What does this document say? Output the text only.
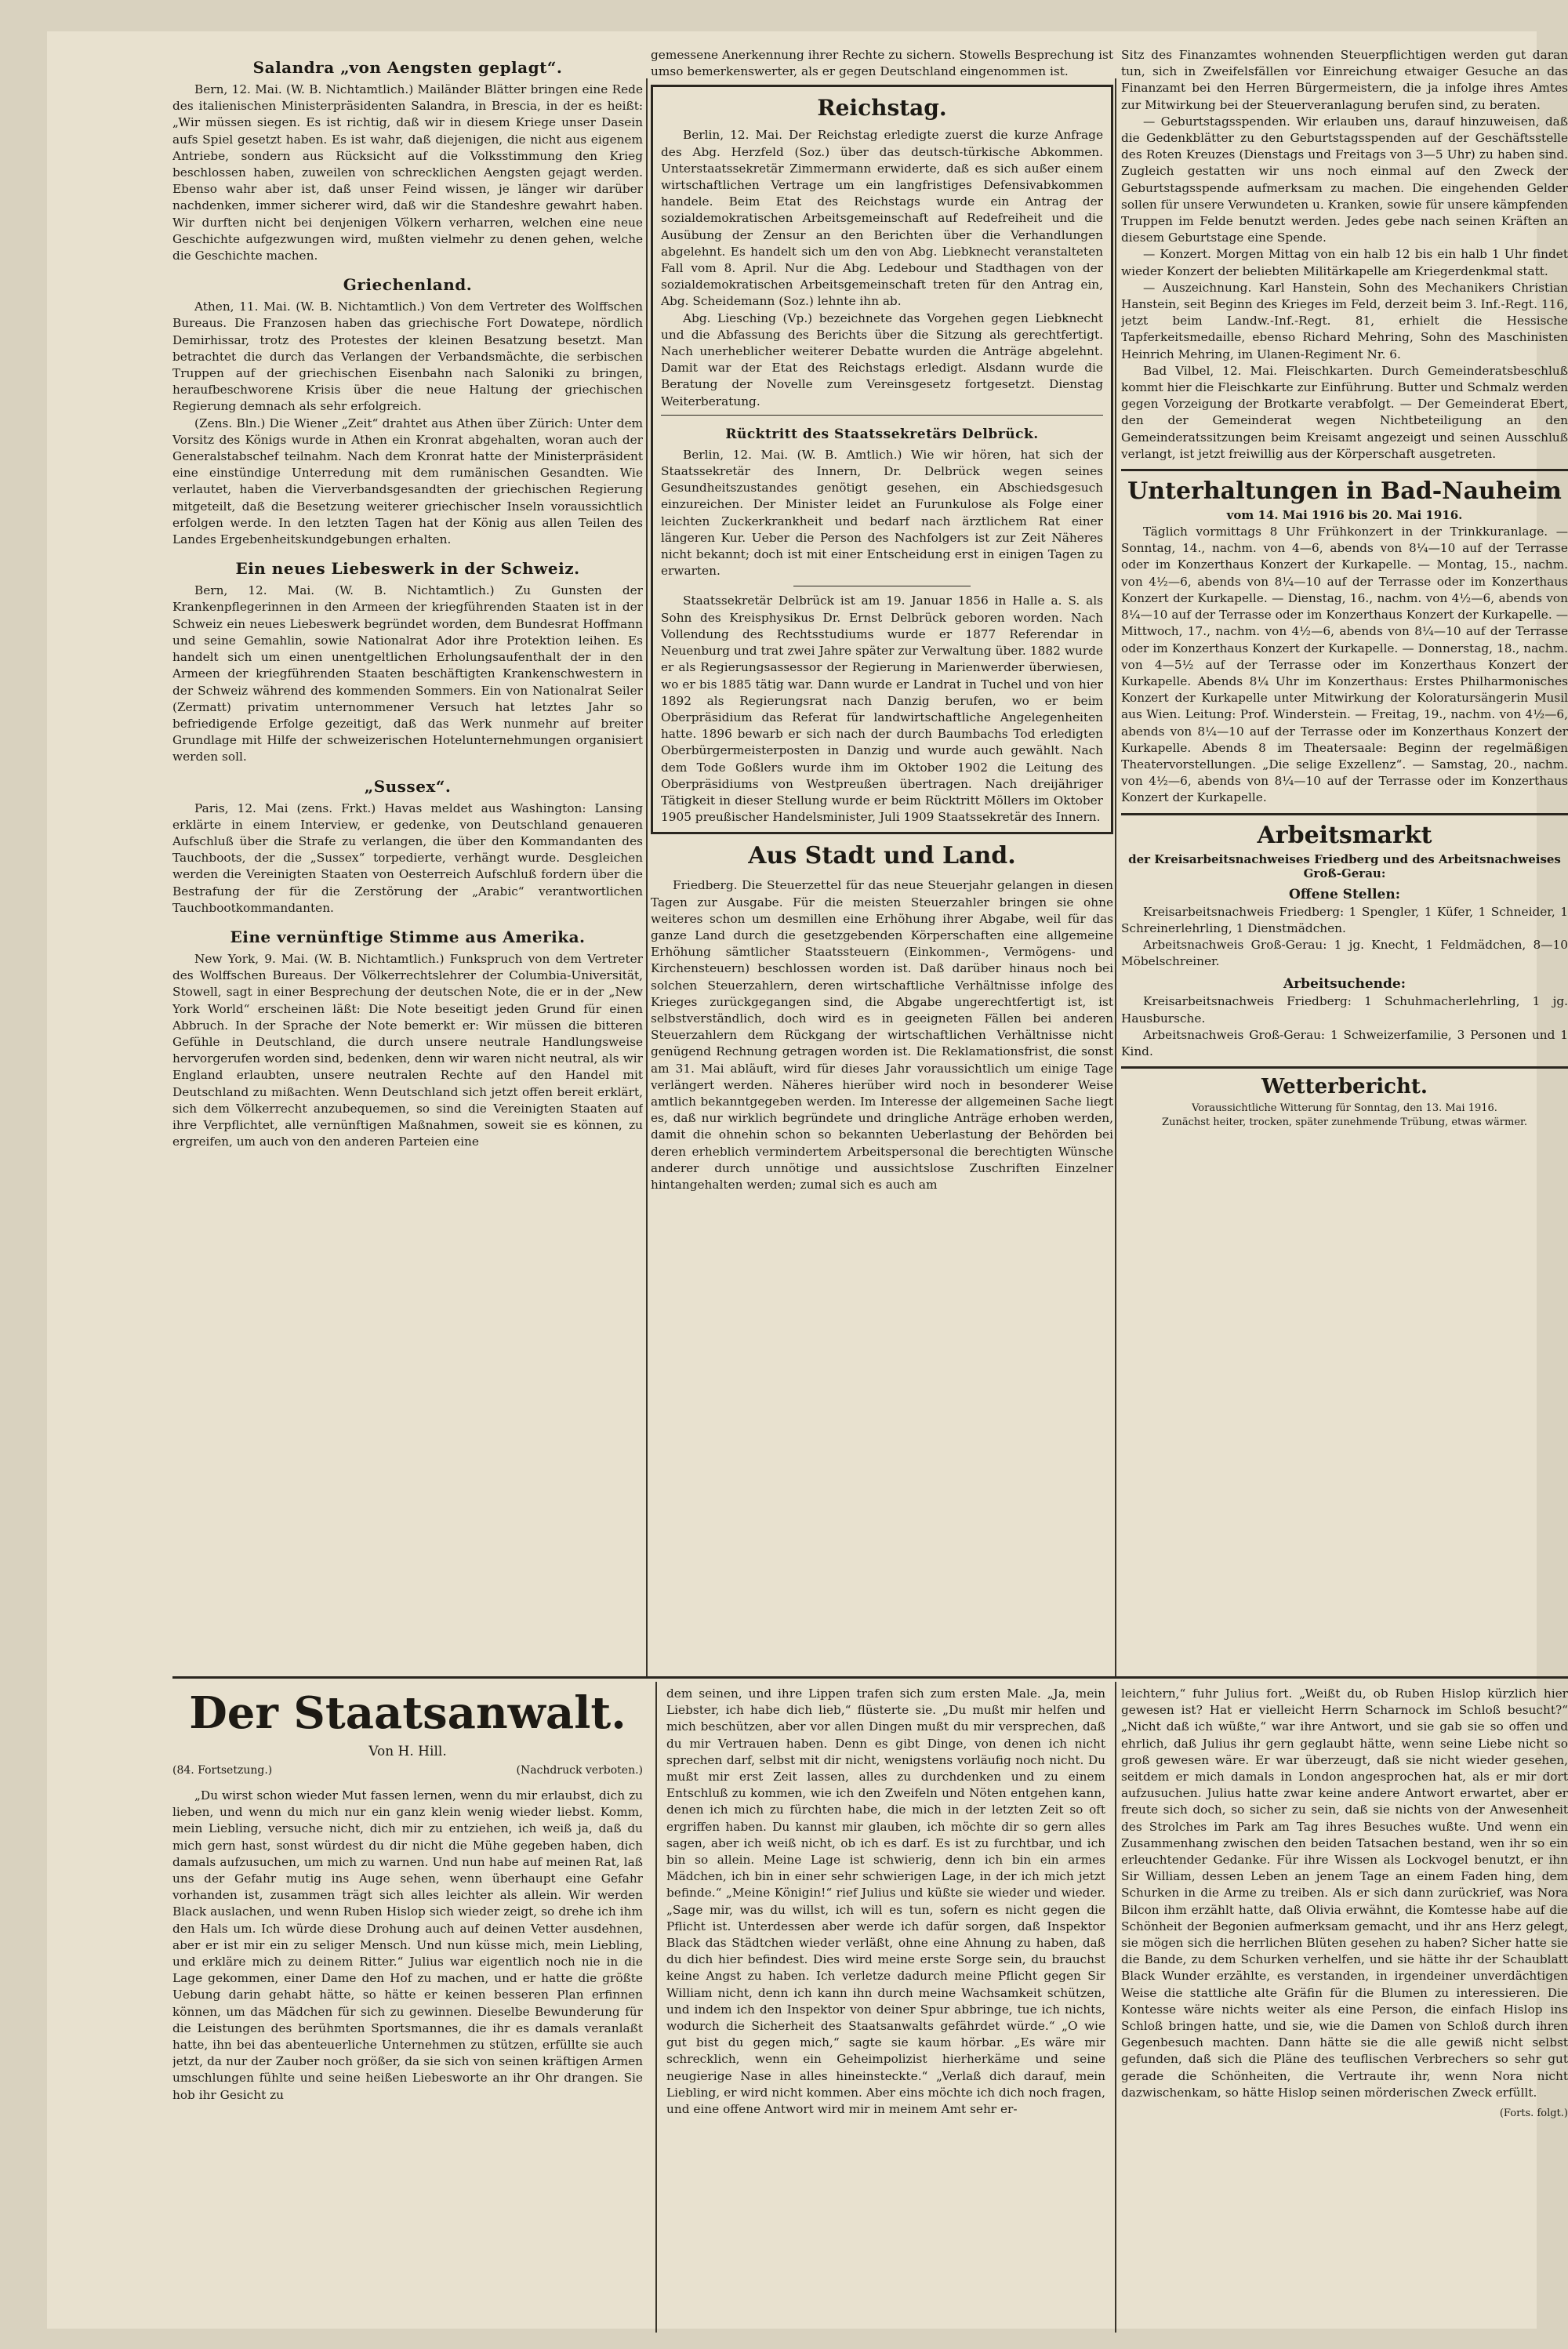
Salandra „von Aengsten geplagt“.

Bern, 12. Mai. (W. B. Nichtamtlich.) Mailänder Blätter bringen eine Rede des italienischen Ministerpräsidenten Salandra, in Brescia, in der es heißt: „Wir müssen siegen. Es ist richtig, daß wir in diesem Kriege unser Dasein aufs Spiel gesetzt haben. Es ist wahr, daß diejenigen, die nicht aus eigenem Antriebe, sondern aus Rücksicht auf die Volksstimmung den Krieg beschlossen haben, zuweilen von schrecklichen Aengsten gejagt werden. Ebenso wahr aber ist, daß unser Feind wissen, je länger wir darüber nachdenken, immer sicherer wird, daß wir die Standeshre gewahrt haben. Wir durften nicht bei denjenigen Völkern verharren, welchen eine neue Geschichte aufgezwungen wird, mußten vielmehr zu denen gehen, welche die Geschichte machen.

Griechenland.

Athen, 11. Mai. (W. B. Nichtamtlich.) Von dem Vertreter des Wolffschen Bureaus. Die Franzosen haben das griechische Fort Dowatepe, nördlich Demirhissar, trotz des Protestes der kleinen Besatzung besetzt. Man betrachtet die durch das Verlangen der Verbandsmächte, die serbischen Truppen auf der griechischen Eisenbahn nach Saloniki zu bringen, heraufbeschworene Krisis über die neue Haltung der griechischen Regierung demnach als sehr erfolgreich.

(Zens. Bln.) Die Wiener „Zeit“ drahtet aus Athen über Zürich: Unter dem Vorsitz des Königs wurde in Athen ein Kronrat abgehalten, woran auch der Generalstabschef teilnahm. Nach dem Kronrat hatte der Ministerpräsident eine einstündige Unterredung mit dem rumänischen Gesandten. Wie verlautet, haben die Vierverbandsgesandten der griechischen Regierung mitgeteilt, daß die Besetzung weiterer griechischer Inseln voraussichtlich erfolgen werde. In den letzten Tagen hat der König aus allen Teilen des Landes Ergebenheitskundgebungen erhalten.

Ein neues Liebeswerk in der Schweiz.

Bern, 12. Mai. (W. B. Nichtamtlich.) Zu Gunsten der Krankenpflegerinnen in den Armeen der kriegführenden Staaten ist in der Schweiz ein neues Liebeswerk begründet worden, dem Bundesrat Hoffmann und seine Gemahlin, sowie Nationalrat Ador ihre Protektion leihen. Es handelt sich um einen unentgeltlichen Erholungsaufenthalt der in den Armeen der kriegführenden Staaten beschäftigten Krankenschwestern in der Schweiz während des kommenden Sommers. Ein von Nationalrat Seiler (Zermatt) privatim unternommener Versuch hat letztes Jahr so befriedigende Erfolge gezeitigt, daß das Werk nunmehr auf breiter Grundlage mit Hilfe der schweizerischen Hotelunternehmungen organisiert werden soll.

„Sussex“.

Paris, 12. Mai (zens. Frkt.) Havas meldet aus Washington: Lansing erklärte in einem Interview, er gedenke, von Deutschland genaueren Aufschluß über die Strafe zu verlangen, die über den Kommandanten des Tauchboots, der die „Sussex“ torpedierte, verhängt wurde. Desgleichen werden die Vereinigten Staaten von Oesterreich Aufschluß fordern über die Bestrafung der für die Zerstörung der „Arabic“ verantwortlichen Tauchbootkommandanten.

Eine vernünftige Stimme aus Amerika.

New York, 9. Mai. (W. B. Nichtamtlich.) Funkspruch von dem Vertreter des Wolffschen Bureaus. Der Völkerrechtslehrer der Columbia-Universität, Stowell, sagt in einer Besprechung der deutschen Note, die er in der „New York World“ erscheinen läßt: Die Note beseitigt jeden Grund für einen Abbruch. In der Sprache der Note bemerkt er: Wir müssen die bitteren Gefühle in Deutschland, die durch unsere neutrale Handlungsweise hervorgerufen worden sind, bedenken, denn wir waren nicht neutral, als wir England erlaubten, unsere neutralen Rechte auf den Handel mit Deutschland zu mißachten. Wenn Deutschland sich jetzt offen bereit erklärt, sich dem Völkerrecht anzubequemen, so sind die Vereinigten Staaten auf ihre Verpflichtet, alle vernünftigen Maßnahmen, soweit sie es können, zu ergreifen, um auch von den anderen Parteien eine

gemessene Anerkennung ihrer Rechte zu sichern. Stowells Besprechung ist umso bemerkenswerter, als er gegen Deutschland eingenommen ist.

Reichstag.

Berlin, 12. Mai. Der Reichstag erledigte zuerst die kurze Anfrage des Abg. Herzfeld (Soz.) über das deutsch-türkische Abkommen. Unterstaatssekretär Zimmermann erwiderte, daß es sich außer einem wirtschaftlichen Vertrage um ein langfristiges Defensivabkommen handele. Beim Etat des Reichstags wurde ein Antrag der sozialdemokratischen Arbeitsgemeinschaft auf Redefreiheit und die Ausübung der Zensur an den Berichten über die Verhandlungen abgelehnt. Es handelt sich um den von Abg. Liebknecht veranstalteten Fall vom 8. April. Nur die Abg. Ledebour und Stadthagen von der sozialdemokratischen Arbeitsgemeinschaft treten für den Antrag ein, Abg. Scheidemann (Soz.) lehnte ihn ab.

Abg. Liesching (Vp.) bezeichnete das Vorgehen gegen Liebknecht und die Abfassung des Berichts über die Sitzung als gerechtfertigt. Nach unerheblicher weiterer Debatte wurden die Anträge abgelehnt. Damit war der Etat des Reichstags erledigt. Alsdann wurde die Beratung der Novelle zum Vereinsgesetz fortgesetzt. Dienstag Weiterberatung.

Rücktritt des Staatssekretärs Delbrück.

Berlin, 12. Mai. (W. B. Amtlich.) Wie wir hören, hat sich der Staatssekretär des Innern, Dr. Delbrück wegen seines Gesundheitszustandes genötigt gesehen, ein Abschiedsgesuch einzureichen. Der Minister leidet an Furunkulose als Folge einer leichten Zuckerkrankheit und bedarf nach ärztlichem Rat einer längeren Kur. Ueber die Person des Nachfolgers ist zur Zeit Näheres nicht bekannt; doch ist mit einer Entscheidung erst in einigen Tagen zu erwarten.

Staatssekretär Delbrück ist am 19. Januar 1856 in Halle a. S. als Sohn des Kreisphysikus Dr. Ernst Delbrück geboren worden. Nach Vollendung des Rechtsstudiums wurde er 1877 Referendar in Neuenburg und trat zwei Jahre später zur Verwaltung über. 1882 wurde er als Regierungsassessor der Regierung in Marienwerder überwiesen, wo er bis 1885 tätig war. Dann wurde er Landrat in Tuchel und von hier 1892 als Regierungsrat nach Danzig berufen, wo er beim Oberpräsidium das Referat für landwirtschaftliche Angelegenheiten hatte. 1896 bewarb er sich nach der durch Baumbachs Tod erledigten Oberbürgermeisterposten in Danzig und wurde auch gewählt. Nach dem Tode Goßlers wurde ihm im Oktober 1902 die Leitung des Oberpräsidiums von Westpreußen übertragen. Nach dreijähriger Tätigkeit in dieser Stellung wurde er beim Rücktritt Möllers im Oktober 1905 preußischer Handelsminister, Juli 1909 Staatssekretär des Innern.

Aus Stadt und Land.

Friedberg. Die Steuerzettel für das neue Steuerjahr gelangen in diesen Tagen zur Ausgabe. Für die meisten Steuerzahler bringen sie ohne weiteres schon um desmillen eine Erhöhung ihrer Abgabe, weil für das ganze Land durch die gesetzgebenden Körperschaften eine allgemeine Erhöhung sämtlicher Staatssteuern (Einkommen-, Vermögens- und Kirchensteuern) beschlossen worden ist. Daß darüber hinaus noch bei solchen Steuerzahlern, deren wirtschaftliche Verhältnisse infolge des Krieges zurückgegangen sind, die Abgabe ungerechtfertigt ist, ist selbstverständlich, doch wird es in geeigneten Fällen bei anderen Steuerzahlern dem Rückgang der wirtschaftlichen Verhältnisse nicht genügend Rechnung getragen worden ist. Die Reklamationsfrist, die sonst am 31. Mai abläuft, wird für dieses Jahr voraussichtlich um einige Tage verlängert werden. Näheres hierüber wird noch in besonderer Weise amtlich bekanntgegeben werden. Im Interesse der allgemeinen Sache liegt es, daß nur wirklich begründete und dringliche Anträge erhoben werden, damit die ohnehin schon so bekannten Ueberlastung der Behörden bei deren erheblich vermindertem Arbeitspersonal die berechtigten Wünsche anderer durch unnötige und aussichtslose Zuschriften Einzelner hintangehalten werden; zumal sich es auch am

Sitz des Finanzamtes wohnenden Steuerpflichtigen werden gut daran tun, sich in Zweifelsfällen vor Einreichung etwaiger Gesuche an das Finanzamt bei den Herren Bürgermeistern, die ja infolge ihres Amtes zur Mitwirkung bei der Steuerveranlagung berufen sind, zu beraten.

— Geburtstagsspenden. Wir erlauben uns, darauf hinzuweisen, daß die Gedenkblätter zu den Geburtstagsspenden auf der Geschäftsstelle des Roten Kreuzes (Dienstags und Freitags von 3—5 Uhr) zu haben sind. Zugleich gestatten wir uns noch einmal auf den Zweck der Geburtstagsspende aufmerksam zu machen. Die eingehenden Gelder sollen für unsere Verwundeten u. Kranken, sowie für unsere kämpfenden Truppen im Felde benutzt werden. Jedes gebe nach seinen Kräften an diesem Geburtstage eine Spende.

— Konzert. Morgen Mittag von ein halb 12 bis ein halb 1 Uhr findet wieder Konzert der beliebten Militärkapelle am Kriegerdenkmal statt.

— Auszeichnung. Karl Hanstein, Sohn des Mechanikers Christian Hanstein, seit Beginn des Krieges im Feld, derzeit beim 3. Inf.-Regt. 116, jetzt beim Landw.-Inf.-Regt. 81, erhielt die Hessische Tapferkeitsmedaille, ebenso Richard Mehring, Sohn des Maschinisten Heinrich Mehring, im Ulanen-Regiment Nr. 6.

Bad Vilbel, 12. Mai. Fleischkarten. Durch Gemeinderatsbeschluß kommt hier die Fleischkarte zur Einführung. Butter und Schmalz werden gegen Vorzeigung der Brotkarte verabfolgt. — Der Gemeinderat Ebert, den der Gemeinderat wegen Nichtbeteiligung an den Gemeinderatssitzungen beim Kreisamt angezeigt und seinen Ausschluß verlangt, ist jetzt freiwillig aus der Körperschaft ausgetreten.

Unterhaltungen in Bad-Nauheim
vom 14. Mai 1916 bis 20. Mai 1916.

Täglich vormittags 8 Uhr Frühkonzert in der Trinkkuranlage. — Sonntag, 14., nachm. von 4—6, abends von 8¼—10 auf der Terrasse oder im Konzerthaus Konzert der Kurkapelle. — Montag, 15., nachm. von 4½—6, abends von 8¼—10 auf der Terrasse oder im Konzerthaus Konzert der Kurkapelle. — Dienstag, 16., nachm. von 4½—6, abends von 8¼—10 auf der Terrasse oder im Konzerthaus Konzert der Kurkapelle. — Mittwoch, 17., nachm. von 4½—6, abends von 8¼—10 auf der Terrasse oder im Konzerthaus Konzert der Kurkapelle. — Donnerstag, 18., nachm. von 4—5½ auf der Terrasse oder im Konzerthaus Konzert der Kurkapelle. Abends 8¼ Uhr im Konzerthaus: Erstes Philharmonisches Konzert der Kurkapelle unter Mitwirkung der Koloratursängerin Musil aus Wien. Leitung: Prof. Winderstein. — Freitag, 19., nachm. von 4½—6, abends von 8¼—10 auf der Terrasse oder im Konzerthaus Konzert der Kurkapelle. Abends 8 im Theatersaale: Beginn der regelmäßigen Theatervorstellungen. „Die selige Exzellenz“. — Samstag, 20., nachm. von 4½—6, abends von 8¼—10 auf der Terrasse oder im Konzerthaus Konzert der Kurkapelle.

Arbeitsmarkt
der Kreisarbeitsnachweises Friedberg und des Arbeitsnachweises Groß-Gerau:
Offene Stellen:

Kreisarbeitsnachweis Friedberg: 1 Spengler, 1 Küfer, 1 Schneider, 1 Schreinerlehrling, 1 Dienstmädchen.

Arbeitsnachweis Groß-Gerau: 1 jg. Knecht, 1 Feldmädchen, 8—10 Möbelschreiner.

Arbeitsuchende:

Kreisarbeitsnachweis Friedberg: 1 Schuhmacherlehrling, 1 jg. Hausbursche.

Arbeitsnachweis Groß-Gerau: 1 Schweizerfamilie, 3 Personen und 1 Kind.

Wetterbericht.
Voraussichtliche Witterung für Sonntag, den 13. Mai 1916.
Zunächst heiter, trocken, später zunehmende Trübung, etwas wärmer.
Der Staatsanwalt.
Von H. Hill.
(84. Fortsetzung.)	(Nachdruck verboten.)

„Du wirst schon wieder Mut fassen lernen, wenn du mir erlaubst, dich zu lieben, und wenn du mich nur ein ganz klein wenig wieder liebst. Komm, mein Liebling, versuche nicht, dich mir zu entziehen, ich weiß ja, daß du mich gern hast, sonst würdest du dir nicht die Mühe gegeben haben, dich damals aufzusuchen, um mich zu warnen. Und nun habe auf meinen Rat, laß uns der Gefahr mutig ins Auge sehen, wenn überhaupt eine Gefahr vorhanden ist, zusammen trägt sich alles leichter als allein. Wir werden Black auslachen, und wenn Ruben Hislop sich wieder zeigt, so drehe ich ihm den Hals um. Ich würde diese Drohung auch auf deinen Vetter ausdehnen, aber er ist mir ein zu seliger Mensch. Und nun küsse mich, mein Liebling, und erkläre mich zu deinem Ritter.“ Julius war eigentlich noch nie in die Lage gekommen, einer Dame den Hof zu machen, und er hatte die größte Uebung darin gehabt hätte, so hätte er keinen besseren Plan erfinnen können, um das Mädchen für sich zu gewinnen. Dieselbe Bewunderung für die Leistungen des berühmten Sportsmannes, die ihr es damals veranlaßt hatte, ihn bei das abenteuerliche Unternehmen zu stützen, erfüllte sie auch jetzt, da nur der Zauber noch größer, da sie sich von seinen kräftigen Armen umschlungen fühlte und seine heißen Liebesworte an ihr Ohr drangen. Sie hob ihr Gesicht zu

dem seinen, und ihre Lippen trafen sich zum ersten Male. „Ja, mein Liebster, ich habe dich lieb,“ flüsterte sie. „Du mußt mir helfen und mich beschützen, aber vor allen Dingen mußt du mir versprechen, daß du mir Vertrauen haben. Denn es gibt Dinge, von denen ich nicht sprechen darf, selbst mit dir nicht, wenigstens vorläufig noch nicht. Du mußt mir erst Zeit lassen, alles zu durchdenken und zu einem Entschluß zu kommen, wie ich den Zweifeln und Nöten entgehen kann, denen ich mich zu fürchten habe, die mich in der letzten Zeit so oft ergriffen haben. Du kannst mir glauben, ich möchte dir so gern alles sagen, aber ich weiß nicht, ob ich es darf. Es ist zu furchtbar, und ich bin so allein. Meine Lage ist schwierig, denn ich bin ein armes Mädchen, ich bin in einer sehr schwierigen Lage, in der ich mich jetzt befinde.“ „Meine Königin!“ rief Julius und küßte sie wieder und wieder. „Sage mir, was du willst, ich will es tun, sofern es nicht gegen die Pflicht ist. Unterdessen aber werde ich dafür sorgen, daß Inspektor Black das Städtchen wieder verläßt, ohne eine Ahnung zu haben, daß du dich hier befindest. Dies wird meine erste Sorge sein, du brauchst keine Angst zu haben. Ich verletze dadurch meine Pflicht gegen Sir William nicht, denn ich kann ihn durch meine Wachsamkeit schützen, und indem ich den Inspektor von deiner Spur abbringe, tue ich nichts, wodurch die Sicherheit des Staatsanwalts gefährdet würde.“ „O wie gut bist du gegen mich,“ sagte sie kaum hörbar. „Es wäre mir schrecklich, wenn ein Geheimpolizist hierherkäme und seine neugierige Nase in alles hineinsteckte.“ „Verlaß dich darauf, mein Liebling, er wird nicht kommen. Aber eins möchte ich dich noch fragen, und eine offene Antwort wird mir in meinem Amt sehr er-

leichtern,“ fuhr Julius fort. „Weißt du, ob Ruben Hislop kürzlich hier gewesen ist? Hat er vielleicht Herrn Scharnock im Schloß besucht?“ „Nicht daß ich wüßte,“ war ihre Antwort, und sie gab sie so offen und ehrlich, daß Julius ihr gern geglaubt hätte, wenn seine Liebe nicht so groß gewesen wäre. Er war überzeugt, daß sie nicht wieder gesehen, seitdem er mich damals in London angesprochen hat, als er mir dort aufzusuchen. Julius hatte zwar keine andere Antwort erwartet, aber er freute sich doch, so sicher zu sein, daß sie nichts von der Anwesenheit des Strolches im Park am Tag ihres Besuches wußte. Und wenn ein Zusammenhang zwischen den beiden Tatsachen bestand, wen ihr so ein erleuchtender Gedanke. Für ihre Wissen als Lockvogel benutzt, er ihn Sir William, dessen Leben an jenem Tage an einem Faden hing, dem Schurken in die Arme zu treiben. Als er sich dann zurückrief, was Nora Bilcon ihm erzählt hatte, daß Olivia erwähnt, die Komtesse habe auf die Schönheit der Begonien aufmerksam gemacht, und ihr ans Herz gelegt, sie mögen sich die herrlichen Blüten gesehen zu haben? Sicher hatte sie die Bande, zu dem Schurken verhelfen, und sie hätte ihr der Schaublatt Black Wunder erzählte, es verstanden, in irgendeiner unverdächtigen Weise die stattliche alte Gräfin für die Blumen zu interessieren. Die Kontesse wäre nichts weiter als eine Person, die einfach Hislop ins Schloß bringen hatte, und sie, wie die Damen von Schloß durch ihren Gegenbesuch machten. Dann hätte sie die alle gewiß nicht selbst gefunden, daß sich die Pläne des teuflischen Verbrechers so sehr gut gerade die Schönheiten, die Vertraute ihr, wenn Nora nicht dazwischenkam, so hätte Hislop seinen mörderischen Zweck erfüllt.

(Forts. folgt.)
